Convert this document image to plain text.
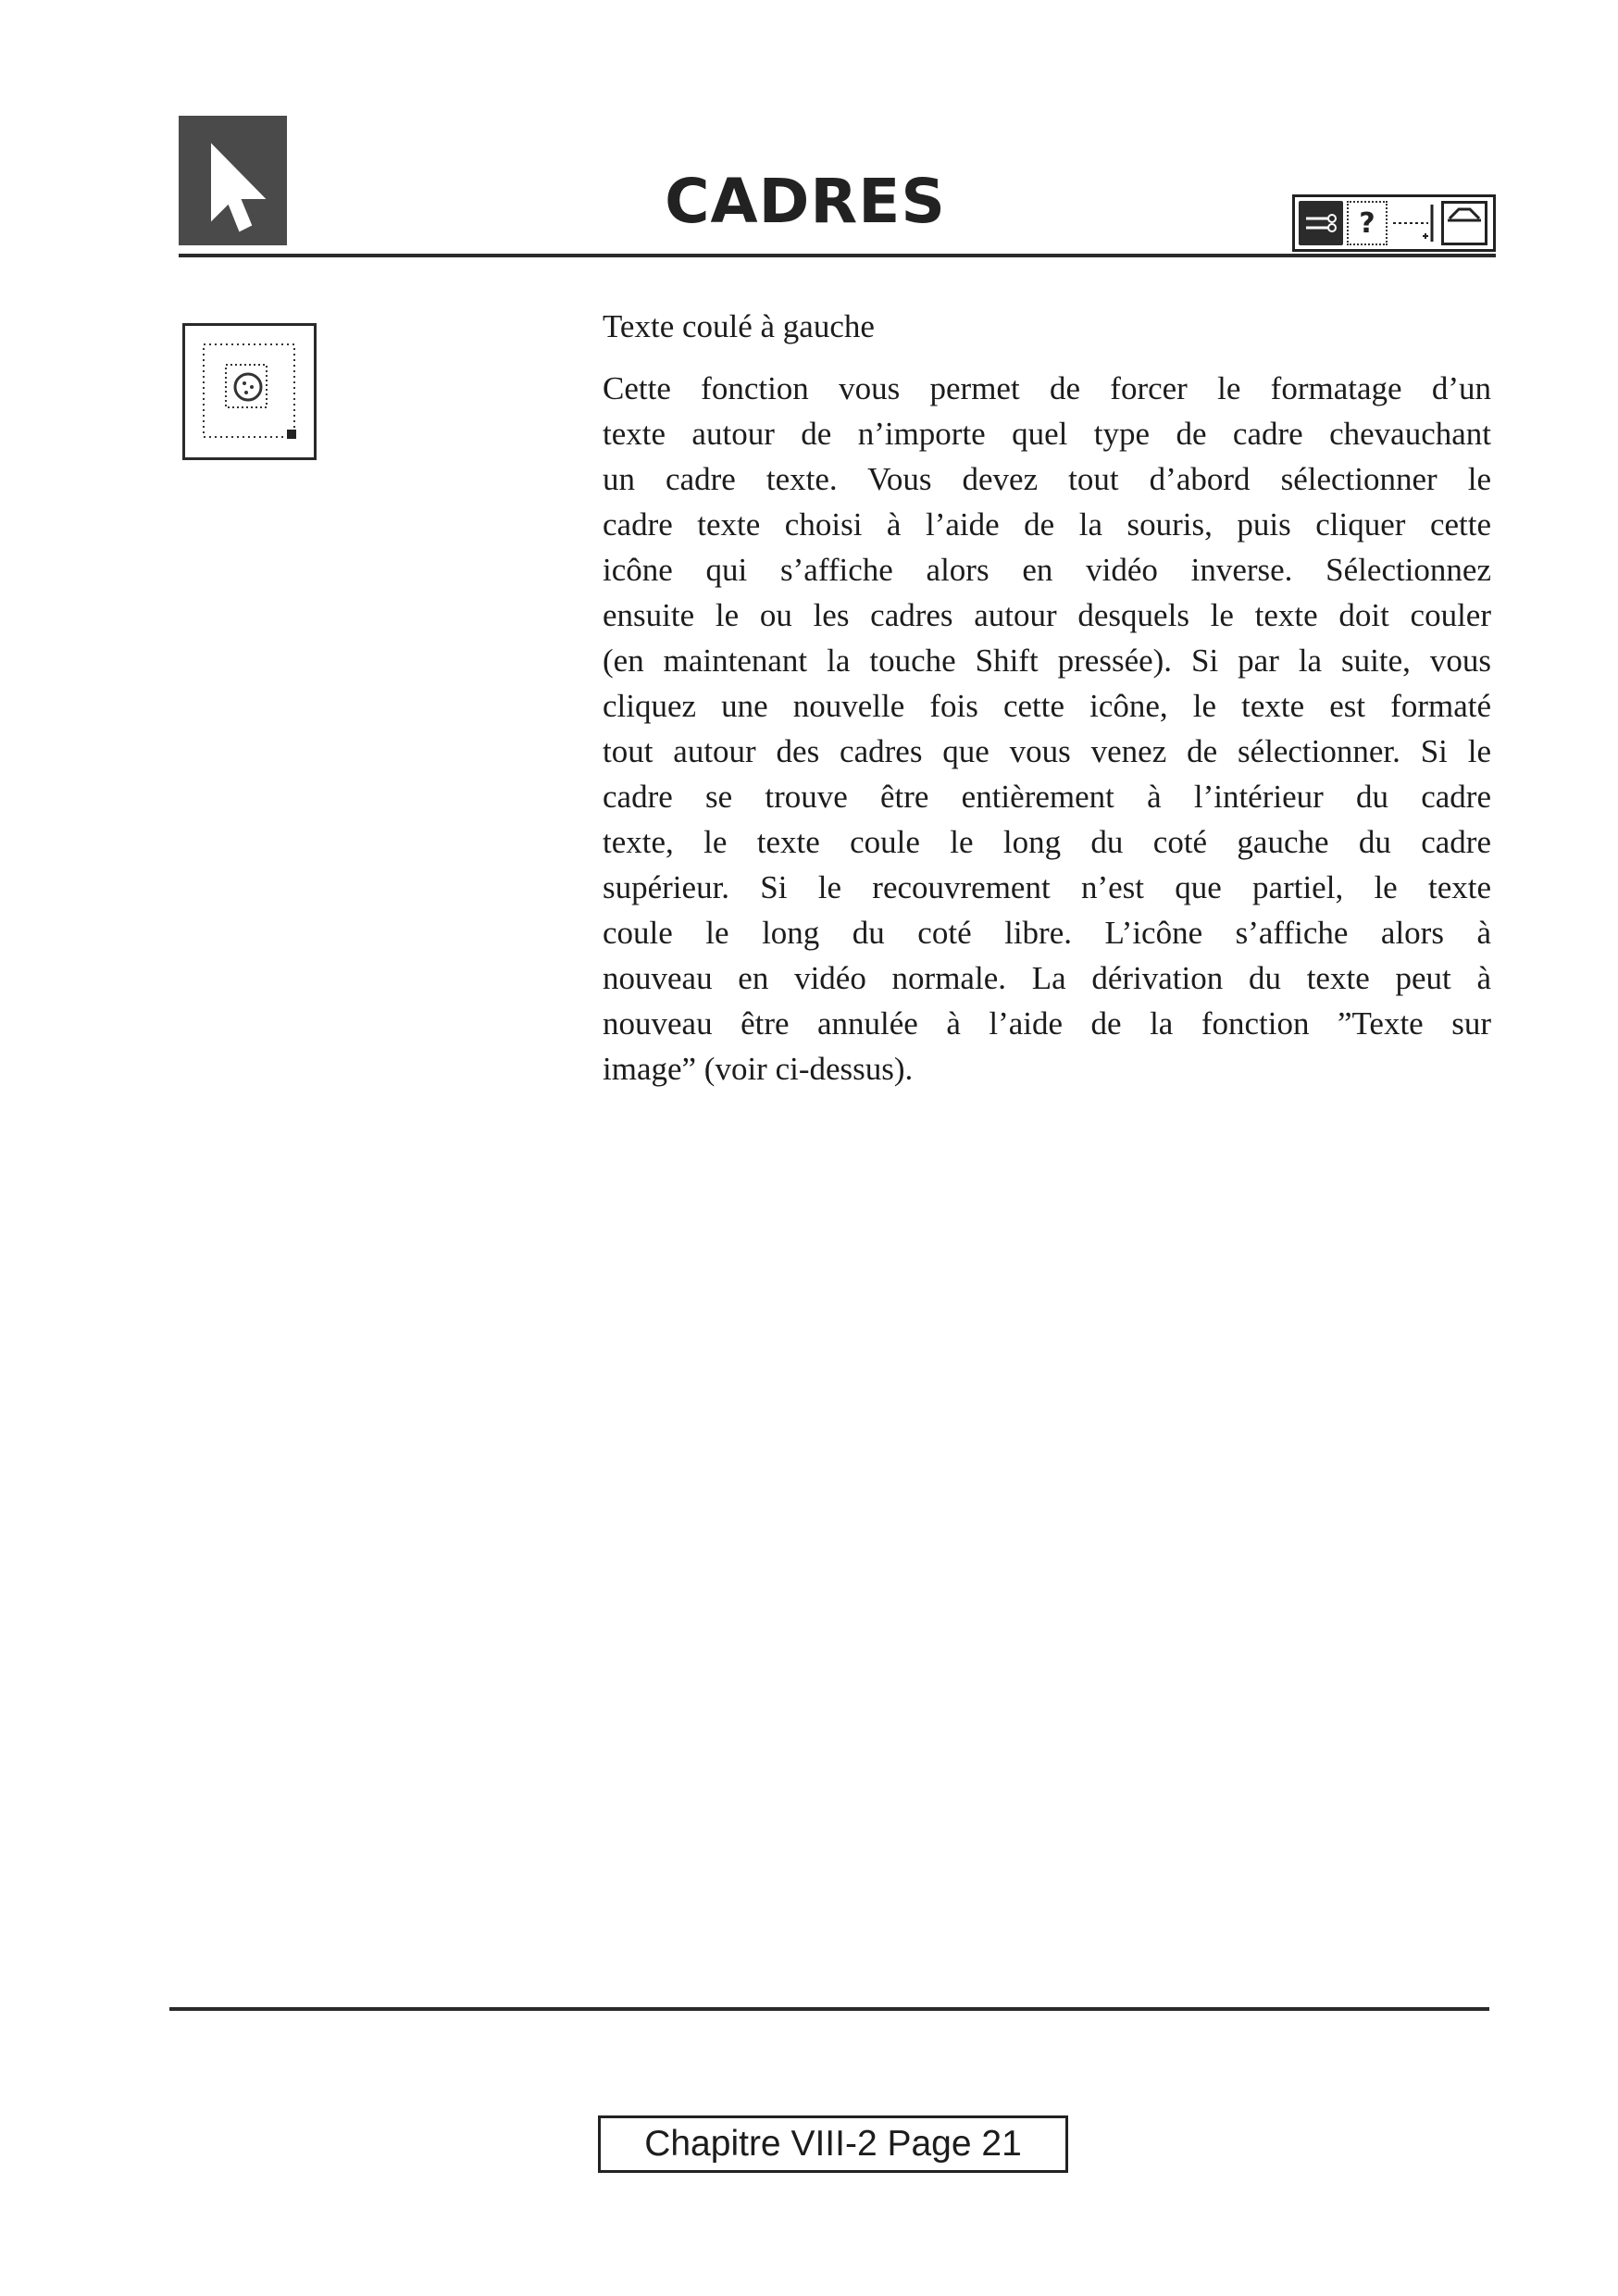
CADRES	?
Texte coulé à gauche
Cette fonction vous permet de forcer le formatage d’un
texte autour de n’importe quel type de cadre chevauchant
un cadre texte. Vous devez tout d’abord sélectionner le
cadre texte choisi à l’aide de la souris, puis cliquer cette
icône qui s’affiche alors en vidéo inverse. Sélectionnez
ensuite le ou les cadres autour desquels le texte doit couler
(en maintenant la touche Shift pressée). Si par la suite, vous
cliquez une nouvelle fois cette icône, le texte est formaté
tout autour des cadres que vous venez de sélectionner. Si le
cadre se trouve être entièrement à l’intérieur du cadre
texte, le texte coule le long du coté gauche du cadre
supérieur. Si le recouvrement n’est que partiel, le texte
coule le long du coté libre. L’icône s’affiche alors à
nouveau en vidéo normale. La dérivation du texte peut à
nouveau être annulée à l’aide de la fonction ”Texte sur
image” (voir ci-dessus).
Chapitre VIII-2 Page 21
